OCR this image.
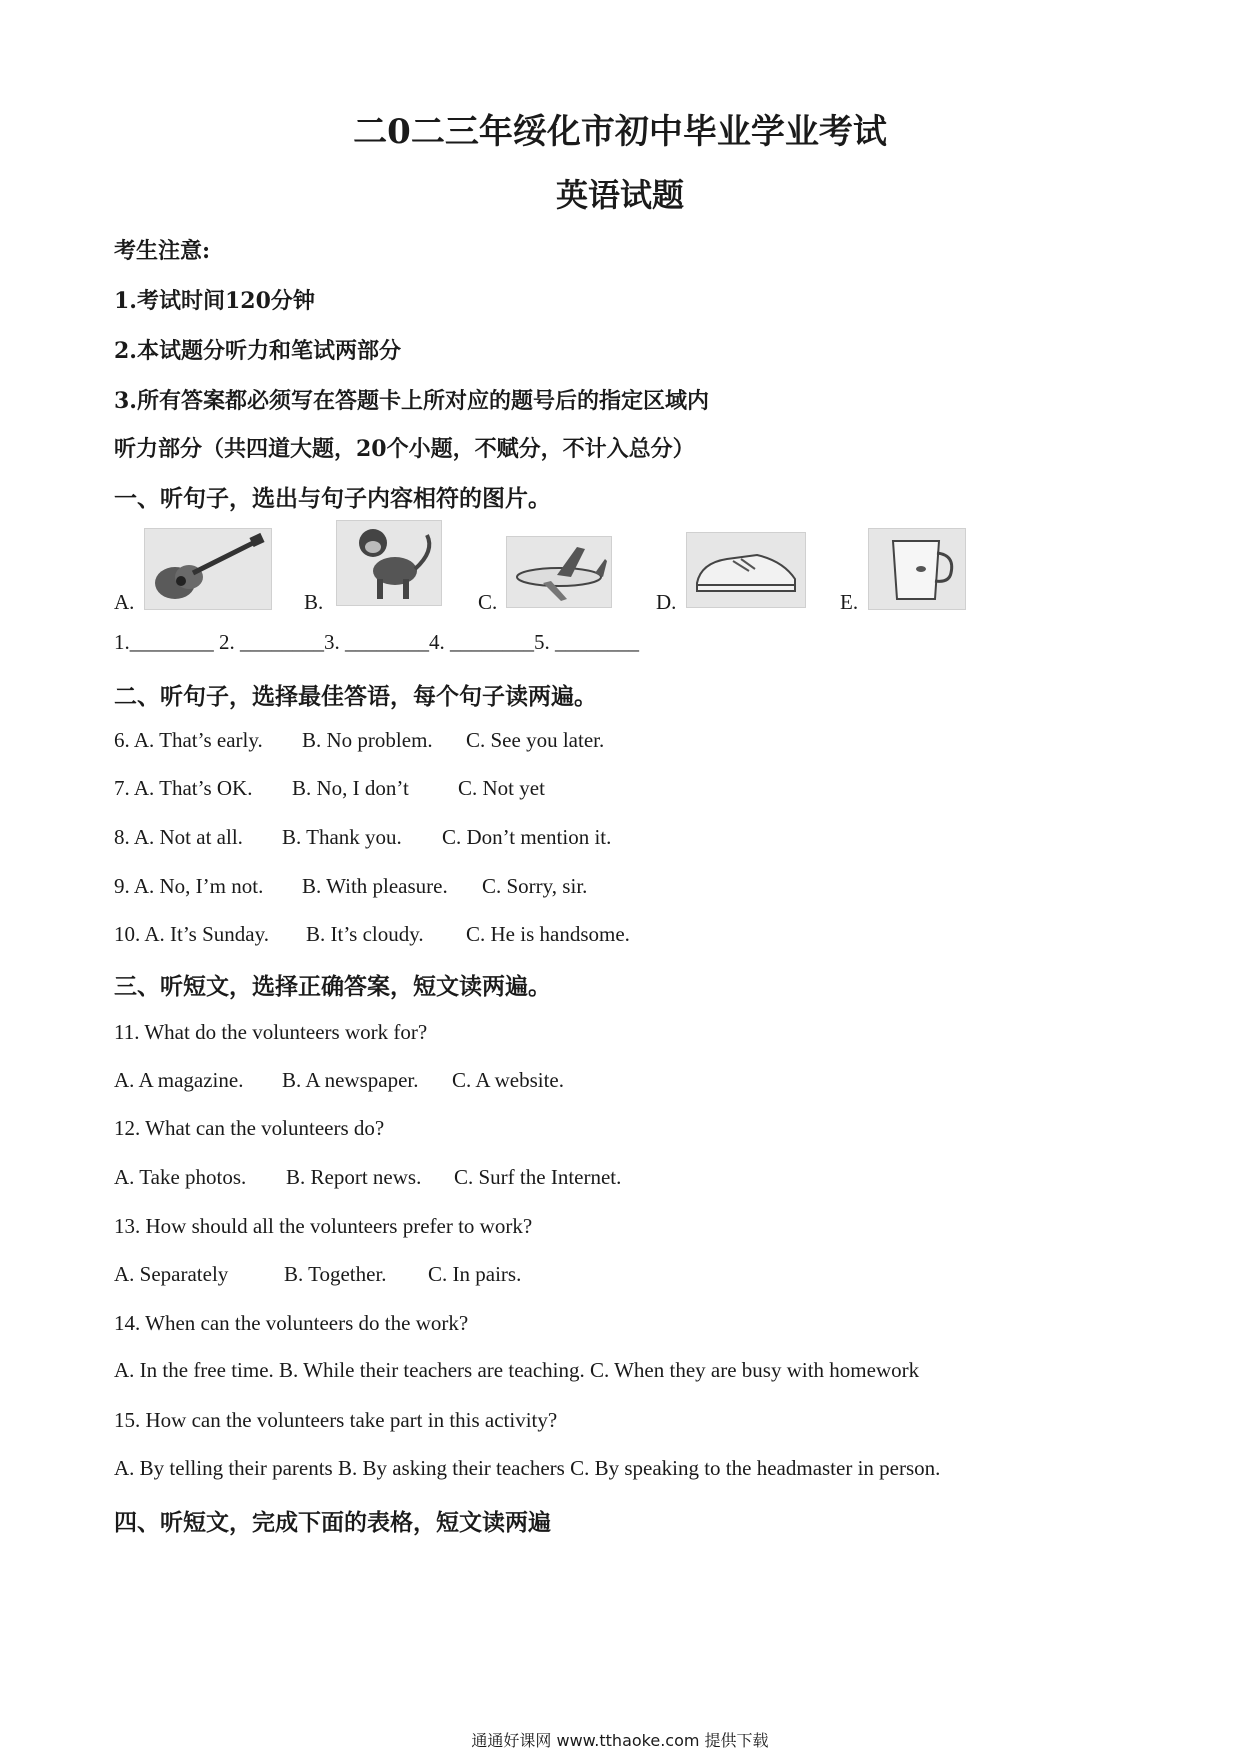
二0二三年绥化市初中毕业学业考试
英语试题
考生注意:
1.考试时间120分钟
2.本试题分听力和笔试两部分
3.所有答案都必须写在答题卡上所对应的题号后的指定区域内
听力部分（共四道大题，20个小题，不赋分，不计入总分）
一、听句子，选出与句子内容相符的图片。
A.	B.	C.	D.	E.
1.________ 2. ________3. ________4. ________5. ________
二、听句子，选择最佳答语，每个句子读两遍。
6. A. That’s early. B. No problem. C. See you later.
7. A. That’s OK. B. No, I don’t C. Not yet
8. A. Not at all. B. Thank you. C. Don’t mention it.
9. A. No, I’m not. B. With pleasure. C. Sorry, sir.
10. A. It’s Sunday. B. It’s cloudy. C. He is handsome.
三、听短文，选择正确答案，短文读两遍。
11. What do the volunteers work for?
A. A magazine. B. A newspaper. C. A website.
12. What can the volunteers do?
A. Take photos. B. Report news. C. Surf the Internet.
13. How should all the volunteers prefer to work?
A. Separately	B. Together. C. In pairs.
14. When can the volunteers do the work?
A. In the free time. B. While their teachers are teaching. C. When they are busy with homework
15. How can the volunteers take part in this activity?
A. By telling their parents B. By asking their teachers C. By speaking to the headmaster in person.
四、听短文，完成下面的表格，短文读两遍
通通好课网 www.tthaoke.com 提供下载
